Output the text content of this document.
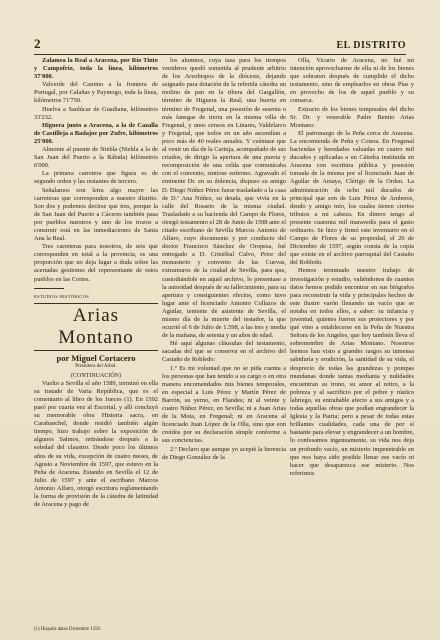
2	EL DISTRITO

Zalamea la Real a Aracena, por Río Tinto y Campofrío, toda la línea, kilómetros 37'000.

Valverde del Camino a la frontera de Portugal, por Calañas y Paymogo, toda la línea, kilómetros 71'750.

Huelva a Sanlúcar de Guadiana, kilómetros 33'232.

Higuera junto a Aracena, a la de Cazalla de Castilleja a Badajoz por Zufre, kilómetros 25'000.

Almonte al puente de Niebla (Niebla a la de San Juan del Puerto a la Rábida) kilómetros 6'000.

La primera carretera que figura es de segundo orden y las restantes de tercero.

Señalamos con letra algo mayor las carreteras que corresponden a nuestro distrito. Son dos y podemos decirse que tres, porque la de San Juan del Puerto a Cáceres también pasa por pueblos nuestros y uno de los trozos a construir está en las inmediaciones de Santa Ana la Real.

Tres carreteras para nosotros, de seis que corresponden en total a la provincia, es una proporción que no deja lugar a duda sobre las acertadas gestiones del representante de estos pueblos en las Cortes.

ESTUDIOS HISTÓRICOS
Arias Montano
por Miguel Cortacero
Presbítero del Arbol.
(CONTINUACIÓN)

Vuelto a Sevilla el año 1589, terminó en ella su tratado de Varia República, que es el comentario al libro de los Jueces (1). En 1592 pasó por cuarta vez al Escorial, y allí concluyó su memorable obra Historia sacra, en Carabanchel, donde residió también algún tiempo, hizo trabajo sobre la exposición de algunos Salmos, retirándose después a la soledad del claustro. Desde poco los últimos años de su vida, excepción de cuatro meses, de Agosto a Noviembre de 1597, que estuvo en la Peña de Aracena. Estando en Sevilla el 12 de Julio de 1597 y ante el escribano Marcos Antonio Alfaro, otorgó escritura reglamentando la forma de provisión de la cátedra de latinidad de Aracena y pago de

los alumnos, cuya tasa para los tiempos venideros quedó sometida al prudente arbitrio de los Arzobispos de la diócesis, dejando asignado para dotación de la referida cátedra un molino de pan en la ribera del Gargallón, término de Higuera la Real; una huerta en término de Fregenal, una posesión de sesenta o más fanegas de tierra en la misma villa de Fregenal, y unos censos en Linares, Valdelarco y Fregenal, que todos en un año ascendían a poco más de 40 reales anuales. Y cuéntase que al venir un día de la Cartuja, acompañado de sus criados, de dirigir la apertura de una puerta y recomposición de una celda que comunicaba con el convento, sintiose enfermo. Agravado el eminente Dr. en su dolencia, dispuso su amigo D. Diego Núñez Pérez fuese trasladado a la casa de D.ª Ana Núñez, su deuda, que vivía en la calle del Rosario de la misma ciudad. Trasladado a su hacienda del Campo de Flores, otorgó testamento el 28 de Junio de 1598 ante el citado escribano de Sevilla Marcos Antonio de Alfaro, cuyo documento y por conducto del doctor Francisco Sánchez de Oropesa, fué entregado a D. Cristóbal Calvo, Prior del monasterio y convento de las Cuevas, extramuros de la ciudad de Sevilla, para que, custodiándole en aquel archivo, lo presentase a la autoridad después de su fallecimiento, para su apertura y consiguientes efectos, como tuvo lugar ante el licenciado Antonio Collazos de Aguilar, teniente de asistente de Sevilla, el mismo día de la muerte del testador, la que ocurrió el 6 de Julio de 1.598, a las tres y media de la mañana, de setenta y un años de edad.

Hé aquí algunas cláusulas del testamento, sacadas del que se conserva en el archivo del Castaño de Robledo:

1.º Es mi voluntad que no se pida cuenta a los personas que han tenido a su cargo o en otra manera encomendados mis bienes temporales, en especial a Luis Pérez y Martín Pérez de Barrón, su yerno, en Flandes; ni al veinte y cuatro Núñez Pérez, en Sevilla; ni a Juan Arias de la Mota, en Fregenal; ni en Aracena al licenciado Juan López de la Olla, sino que eon creídos por su declaración simple conforme a sus conciencias.

2.º Declaro que aunque yo acepté la herencia de Diego González de la

Olla, Vicario de Aracena, no fué mi intención aprovecharme de ella ni de los bienes que sobraren después de cumplido el dicho testamento, sino de emplearlos en obras Pías y en provecho de los de aquel pueblo y su comarca.

Extracto de los bienes temporales del dicho Sr. Dr. y venerable Padre Benito Arias Montano:

El patronazgo de la Peña cerca de Aracena. La encomienda de Peña y Cotera. En Fregenal haciendas y heredades valuadas en cuatro mil ducados y aplicadas a un Cátedra instituida en Aracena con escritura pública y posesión tomada de la misma por el licenciado Juan de Aguilar de Amaya, Clérigo de la Orden. La administración de ocho mil ducados de principal que son de Luis Pérez de Amberes, deudo y amigo mío, los cuales tienen ciertos tributos a mi cabeza. En dinero tengo al presente cuarenta mil maravedís para el gasto ordinario. Se hizo y firmó este inventario en el Campo de Flores de su propiedad, el 26 de Diciembre de 1597, según consta de la copia que existe en el archivo parroquial del Castaño del Robledo.

Hemos terminado nuestro trabajo de investigación y estudio, valiéndonos de cuantos datos hemos podido encontrar en sus biógrafos para reconstruir la vida y principales hechos de este ilustre varón llenando un vacío que se notaba en todos ellos, a saber: su infancia y juventud, quienes fueron sus protectores y por qué vino a establecerse en la Peña de Nuestra Señora de los Angeles, que hoy también lleva el sobrenombre de Arias Montano. Nosotros leemos han visto a grandes rasgos su inmensa sabiduría y erudición, la santidad de su vida, el desprecio de todas las grandezas y pompas mundanas donde tantas mediania y nulidades encuentran su trono, su amor al retiro, a la pobreza y al sacrificio por el pobre y rústico labriego, su entrañable afecto a sus amigos y a todas aquellas obras que podían engrandecer la Iglesia y la Patria; pero a pesar de todas estas brillantes cualidades, cada una de por sí bastante para elevar y engrandecer a un hombre, lo confesamos ingenuamente, su vida nos deja un profundo vacío, un misterio impenetrable en que nos haya sido posible llenar ese vacío ni hacer que desaparezca ese misterio. Nos referimos

(1) Hispalis datos Diciembre 1593.
